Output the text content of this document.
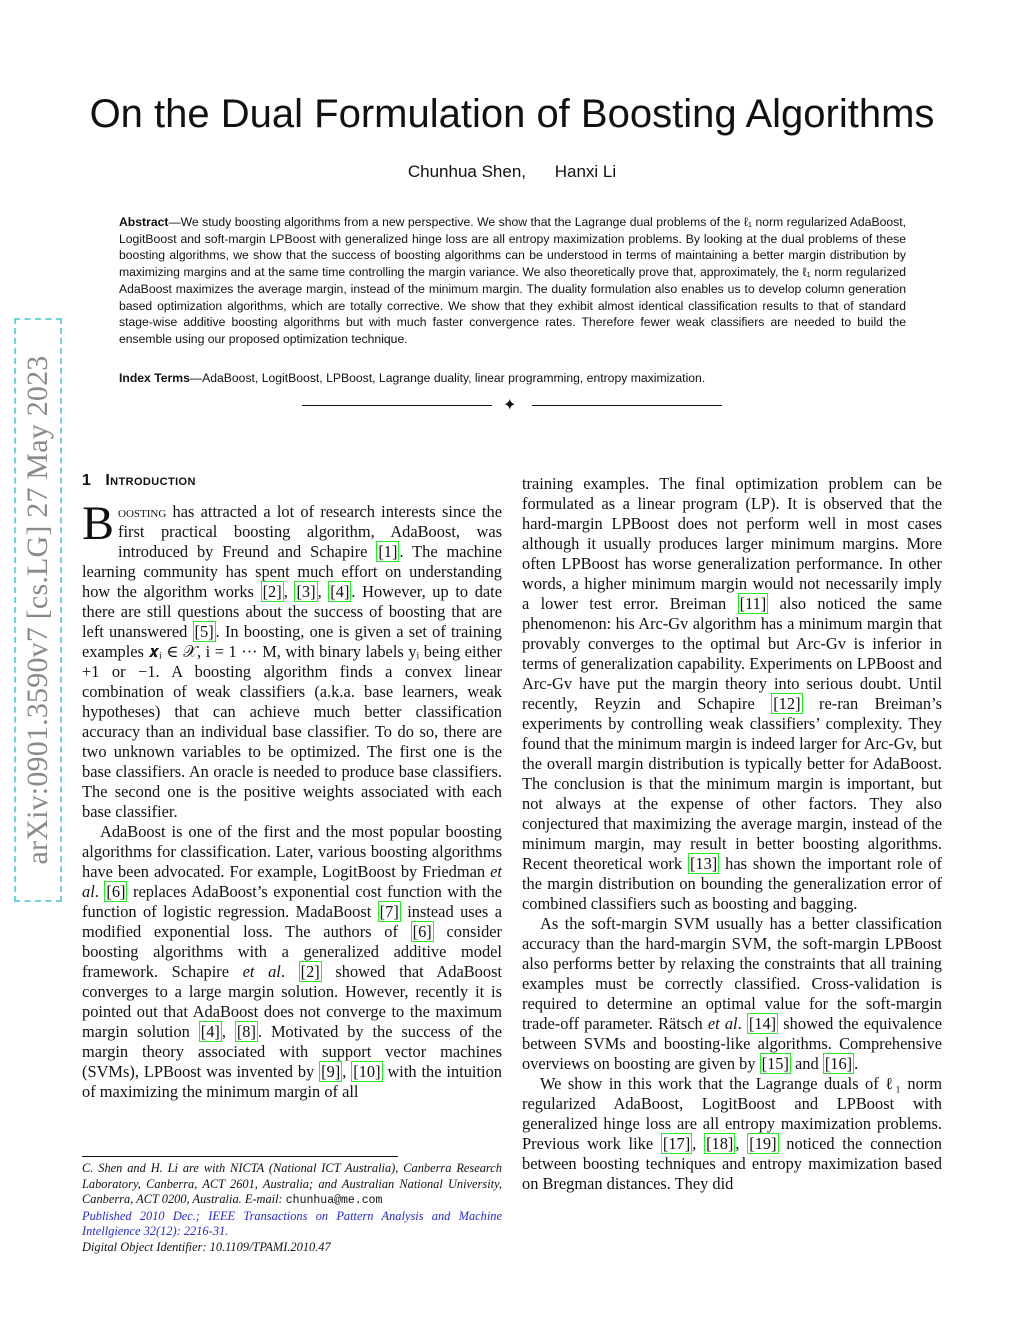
arXiv:0901.3590v7 [cs.LG] 27 May 2023
On the Dual Formulation of Boosting Algorithms
Chunhua Shen, Hanxi Li

Abstract—We study boosting algorithms from a new perspective. We show that the Lagrange dual problems of the ℓ₁ norm regularized AdaBoost, LogitBoost and soft-margin LPBoost with generalized hinge loss are all entropy maximization problems. By looking at the dual problems of these boosting algorithms, we show that the success of boosting algorithms can be understood in terms of maintaining a better margin distribution by maximizing margins and at the same time controlling the margin variance. We also theoretically prove that, approximately, the ℓ₁ norm regularized AdaBoost maximizes the average margin, instead of the minimum margin. The duality formulation also enables us to develop column generation based optimization algorithms, which are totally corrective. We show that they exhibit almost identical classification results to that of standard stage-wise additive boosting algorithms but with much faster convergence rates. Therefore fewer weak classifiers are needed to build the ensemble using our proposed optimization technique.

Index Terms—AdaBoost, LogitBoost, LPBoost, Lagrange duality, linear programming, entropy maximization.

✦
1 Introduction

Boosting has attracted a lot of research interests since the first practical boosting algorithm, AdaBoost, was introduced by Freund and Schapire [1] . The machine learning community has spent much effort on understanding how the algorithm works [2] , [3] , [4] . However, up to date there are still questions about the success of boosting that are left unanswered [5] . In boosting, one is given a set of training examples 𝒙ᵢ ∈ 𝒳, i = 1 ··· M, with binary labels yᵢ being either +1 or −1. A boosting algorithm finds a convex linear combination of weak classifiers (a.k.a. base learners, weak hypotheses) that can achieve much better classification accuracy than an individual base classifier. To do so, there are two unknown variables to be optimized. The first one is the base classifiers. An oracle is needed to produce base classifiers. The second one is the positive weights associated with each base classifier.

AdaBoost is one of the first and the most popular boosting algorithms for classification. Later, various boosting algorithms have been advocated. For example, LogitBoost by Friedman et al. [6] replaces AdaBoost’s exponential cost function with the function of logistic regression. MadaBoost [7] instead uses a modified exponential loss. The authors of [6] consider boosting algorithms with a generalized additive model framework. Schapire et al. [2] showed that AdaBoost converges to a large margin solution. However, recently it is pointed out that AdaBoost does not converge to the maximum margin solution [4] , [8] . Motivated by the success of the margin theory associated with support vector machines (SVMs), LPBoost was invented by [9] , [10] with the intuition of maximizing the minimum margin of all

training examples. The final optimization problem can be formulated as a linear program (LP). It is observed that the hard-margin LPBoost does not perform well in most cases although it usually produces larger minimum margins. More often LPBoost has worse generalization performance. In other words, a higher minimum margin would not necessarily imply a lower test error. Breiman [11] also noticed the same phenomenon: his Arc-Gv algorithm has a minimum margin that provably converges to the optimal but Arc-Gv is inferior in terms of generalization capability. Experiments on LPBoost and Arc-Gv have put the margin theory into serious doubt. Until recently, Reyzin and Schapire [12] re-ran Breiman’s experiments by controlling weak classifiers’ complexity. They found that the minimum margin is indeed larger for Arc-Gv, but the overall margin distribution is typically better for AdaBoost. The conclusion is that the minimum margin is important, but not always at the expense of other factors. They also conjectured that maximizing the average margin, instead of the minimum margin, may result in better boosting algorithms. Recent theoretical work [13] has shown the important role of the margin distribution on bounding the generalization error of combined classifiers such as boosting and bagging.

As the soft-margin SVM usually has a better classification accuracy than the hard-margin SVM, the soft-margin LPBoost also performs better by relaxing the constraints that all training examples must be correctly classified. Cross-validation is required to determine an optimal value for the soft-margin trade-off parameter. Rätsch et al. [14] showed the equivalence between SVMs and boosting-like algorithms. Comprehensive overviews on boosting are given by [15] and [16] .

We show in this work that the Lagrange duals of ℓ₁ norm regularized AdaBoost, LogitBoost and LPBoost with generalized hinge loss are all entropy maximization problems. Previous work like [17] , [18] , [19] noticed the connection between boosting techniques and entropy maximization based on Bregman distances. They did

C. Shen and H. Li are with NICTA (National ICT Australia), Canberra Research Laboratory, Canberra, ACT 2601, Australia; and Australian National University, Canberra, ACT 0200, Australia. E-mail: chunhua@me.com
Published 2010 Dec.; IEEE Transactions on Pattern Analysis and Machine Intellgience 32(12): 2216-31.
Digital Object Identifier: 10.1109/TPAMI.2010.47
